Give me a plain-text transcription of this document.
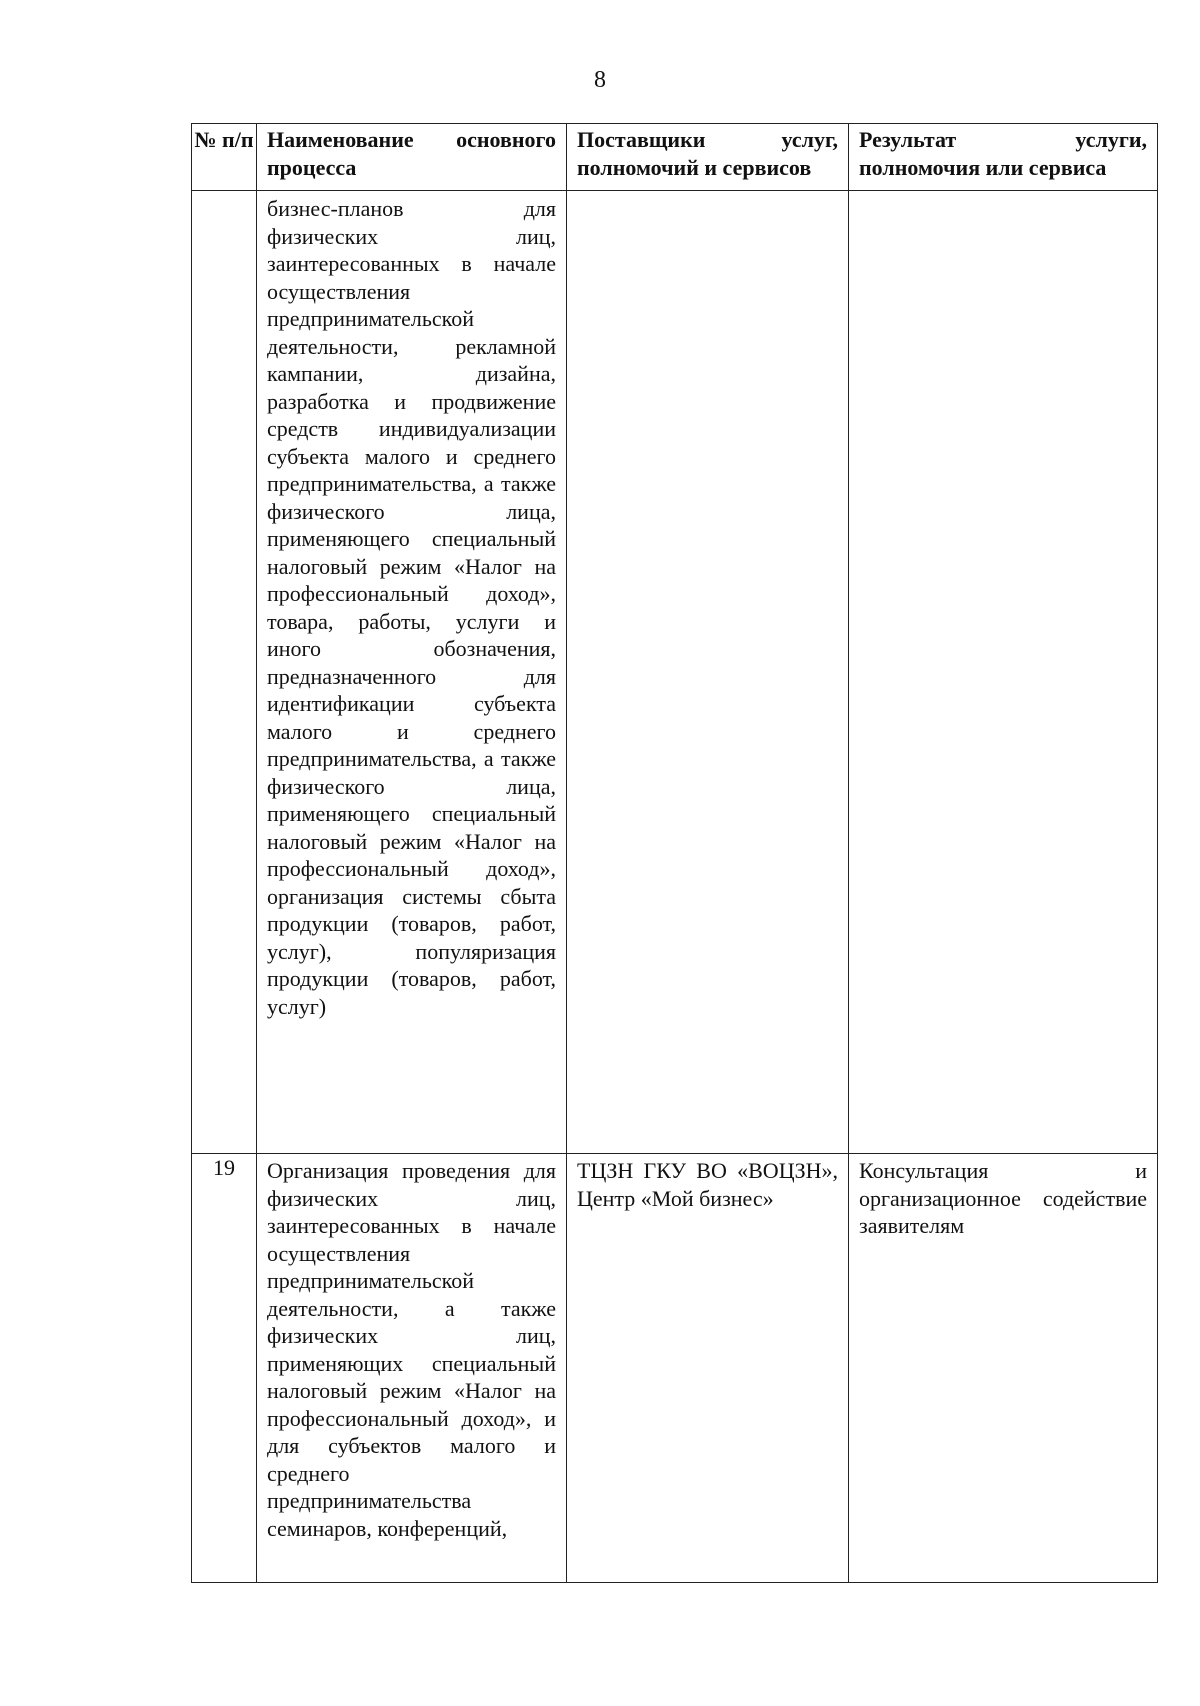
8
№ п/п	Наименование основного процесса	Поставщики услуг, полномочий и сервисов	Результат услуги, полномочия или сервиса
	бизнес-планов для физических лиц, заинтересованных в начале осуществления предпринимательской деятельности, рекламной кампании, дизайна, разработка и продвижение средств индивидуализации субъекта малого и среднего предпринимательства, а также физического лица, применяющего специальный налоговый режим «Налог на профессиональный доход», товара, работы, услуги и иного обозначения, предназначенного для идентификации субъекта малого и среднего предпринимательства, а также физического лица, применяющего специальный налоговый режим «Налог на профессиональный доход», организация системы сбыта продукции (товаров, работ, услуг), популяризация продукции (товаров, работ, услуг)		
19	Организация проведения для физических лиц, заинтересованных в начале осуществления предпринимательской деятельности, а также физических лиц, применяющих специальный налоговый режим «Налог на профессиональный доход», и для субъектов малого и среднего предпринимательства семинаров, конференций,	ТЦЗН ГКУ ВО «ВОЦЗН», Центр «Мой бизнес»	Консультация и организационное содействие заявителям
